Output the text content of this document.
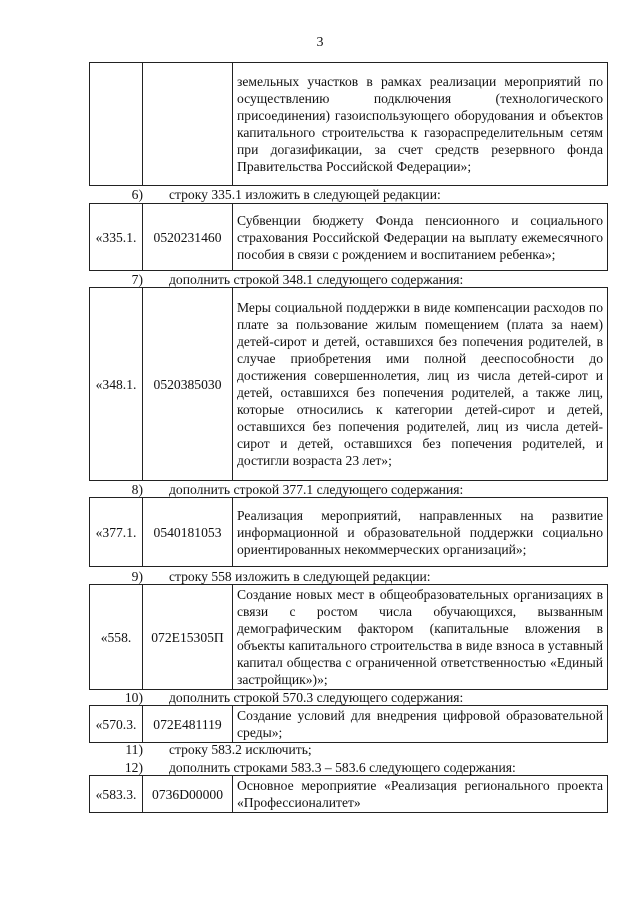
3
		земельных участков в рамках реализации мероприятий по осуществлению подключения (технологического присоединения) газоиспользующего оборудования и объектов капитального строительства к газораспределительным сетям при догазификации, за счет средств резервного фонда Правительства Российской Федерации»;
6) строку 335.1 изложить в следующей редакции:
«335.1.	0520231460	Субвенции бюджету Фонда пенсионного и социального страхования Российской Федерации на выплату ежемесячного пособия в связи с рождением и воспитанием ребенка»;
7) дополнить строкой 348.1 следующего содержания:
«348.1.	0520385030	Меры социальной поддержки в виде компенсации расходов по плате за пользование жилым помещением (плата за наем) детей-сирот и детей, оставшихся без попечения родителей, в случае приобретения ими полной дееспособности до достижения совершеннолетия, лиц из числа детей-сирот и детей, оставшихся без попечения родителей, а также лиц, которые относились к категории детей-сирот и детей, оставшихся без попечения родителей, лиц из числа детей-сирот и детей, оставшихся без попечения родителей, и достигли возраста 23 лет»;
8) дополнить строкой 377.1 следующего содержания:
«377.1.	0540181053	Реализация мероприятий, направленных на развитие информационной и образовательной поддержки социально ориентированных некоммерческих организаций»;
9) строку 558 изложить в следующей редакции:
«558.	072E15305П	Создание новых мест в общеобразовательных организациях в связи с ростом числа обучающихся, вызванным демографическим фактором (капитальные вложения в объекты капитального строительства в виде взноса в уставный капитал общества с ограниченной ответственностью «Единый застройщик»)»;
10) дополнить строкой 570.3 следующего содержания:
«570.3.	072E481119	Создание условий для внедрения цифровой образовательной среды»;
11) строку 583.2 исключить;
12) дополнить строками 583.3 – 583.6 следующего содержания:
«583.3.	0736D00000	Основное мероприятие «Реализация регионального проекта «Профессионалитет»
